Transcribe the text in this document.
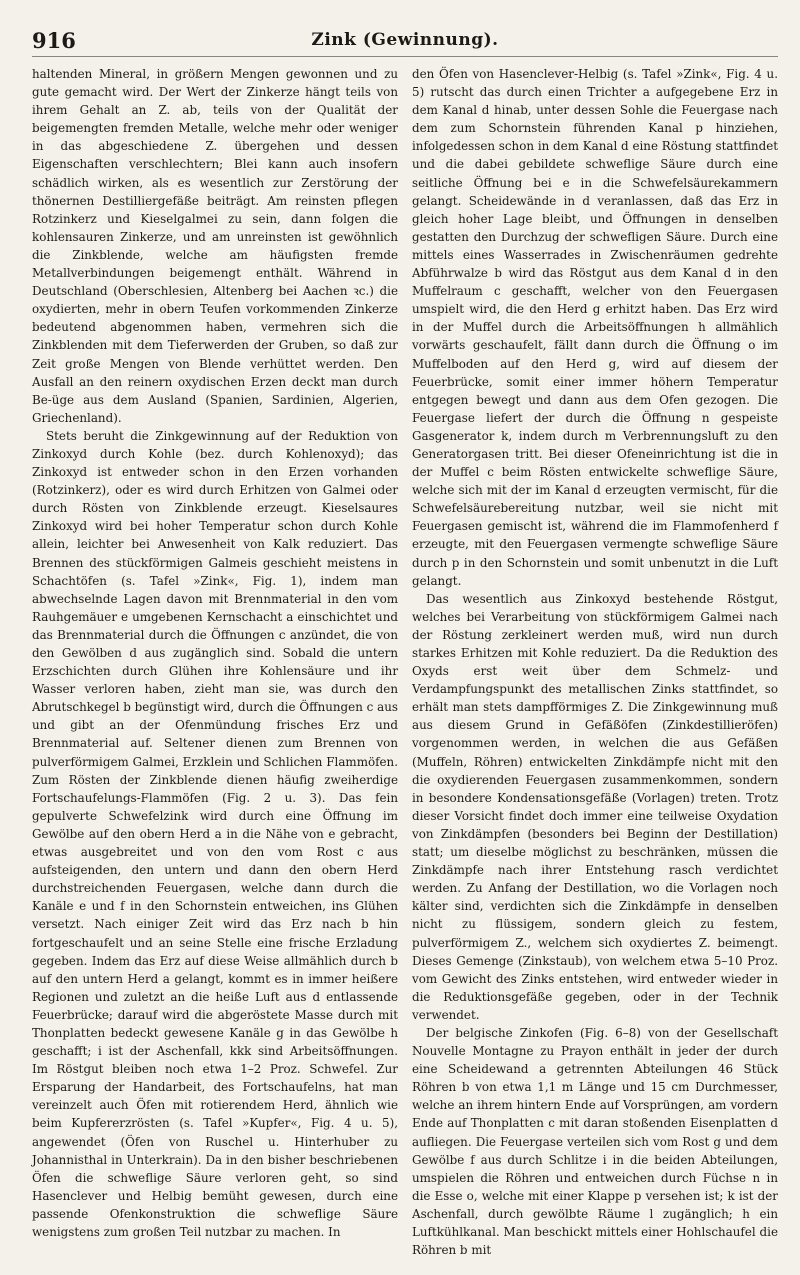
916	Zink (Gewinnung).

haltenden Mineral, in größern Mengen gewonnen und zu gute gemacht wird. Der Wert der Zinkerze hängt teils von ihrem Gehalt an Z. ab, teils von der Qualität der beigemengten fremden Metalle, welche mehr oder weniger in das abgeschiedene Z. übergehen und dessen Eigenschaften verschlechtern; Blei kann auch insofern schädlich wirken, als es wesentlich zur Zerstörung der thönernen Destilliergefäße beiträgt. Am reinsten pflegen Rotzinkerz und Kieselgalmei zu sein, dann folgen die kohlensauren Zinkerze, und am unreinsten ist gewöhnlich die Zinkblende, welche am häufigsten fremde Metallverbindungen beigemengt enthält. Während in Deutschland (Oberschlesien, Altenberg bei Aachen ꝛc.) die oxydierten, mehr in obern Teufen vorkommenden Zinkerze bedeutend abgenommen haben, vermehren sich die Zinkblenden mit dem Tieferwerden der Gruben, so daß zur Zeit große Mengen von Blende verhüttet werden. Den Ausfall an den reinern oxydischen Erzen deckt man durch Be-üge aus dem Ausland (Spanien, Sardinien, Algerien, Griechenland).

Stets beruht die Zinkgewinnung auf der Reduktion von Zinkoxyd durch Kohle (bez. durch Kohlenoxyd); das Zinkoxyd ist entweder schon in den Erzen vorhanden (Rotzinkerz), oder es wird durch Erhitzen von Galmei oder durch Rösten von Zinkblende erzeugt. Kieselsaures Zinkoxyd wird bei hoher Temperatur schon durch Kohle allein, leichter bei Anwesenheit von Kalk reduziert. Das Brennen des stückförmigen Galmeis geschieht meistens in Schachtöfen (s. Tafel »Zink«, Fig. 1), indem man abwechselnde Lagen davon mit Brennmaterial in den vom Rauhgemäuer e umgebenen Kernschacht a einschichtet und das Brennmaterial durch die Öffnungen c anzündet, die von den Gewölben d aus zugänglich sind. Sobald die untern Erzschichten durch Glühen ihre Kohlensäure und ihr Wasser verloren haben, zieht man sie, was durch den Abrutschkegel b begünstigt wird, durch die Öffnungen c aus und gibt an der Ofenmündung frisches Erz und Brennmaterial auf. Seltener dienen zum Brennen von pulverförmigem Galmei, Erzklein und Schlichen Flammöfen. Zum Rösten der Zinkblende dienen häufig zweiherdige Fortschaufelungs-Flammöfen (Fig. 2 u. 3). Das fein gepulverte Schwefelzink wird durch eine Öffnung im Gewölbe auf den obern Herd a in die Nähe von e gebracht, etwas ausgebreitet und von den vom Rost c aus aufsteigenden, den untern und dann den obern Herd durchstreichenden Feuergasen, welche dann durch die Kanäle e und f in den Schornstein entweichen, ins Glühen versetzt. Nach einiger Zeit wird das Erz nach b hin fortgeschaufelt und an seine Stelle eine frische Erzladung gegeben. Indem das Erz auf diese Weise allmählich durch b auf den untern Herd a gelangt, kommt es in immer heißere Regionen und zuletzt an die heiße Luft aus d entlassende Feuerbrücke; darauf wird die abgeröstete Masse durch mit Thonplatten bedeckt gewesene Kanäle g in das Gewölbe h geschafft; i ist der Aschenfall, kkk sind Arbeitsöffnungen. Im Röstgut bleiben noch etwa 1–2 Proz. Schwefel. Zur Ersparung der Handarbeit, des Fortschaufelns, hat man vereinzelt auch Öfen mit rotierendem Herd, ähnlich wie beim Kupfererzrösten (s. Tafel »Kupfer«, Fig. 4 u. 5), angewendet (Öfen von Ruschel u. Hinterhuber zu Johannisthal in Unterkrain). Da in den bisher beschriebenen Öfen die schweflige Säure verloren geht, so sind Hasenclever und Helbig bemüht gewesen, durch eine passende Ofenkonstruktion die schweflige Säure wenigstens zum großen Teil nutzbar zu machen. In

den Öfen von Hasenclever-Helbig (s. Tafel »Zink«, Fig. 4 u. 5) rutscht das durch einen Trichter a aufgegebene Erz in dem Kanal d hinab, unter dessen Sohle die Feuergase nach dem zum Schornstein führenden Kanal p hinziehen, infolgedessen schon in dem Kanal d eine Röstung stattfindet und die dabei gebildete schweflige Säure durch eine seitliche Öffnung bei e in die Schwefelsäurekammern gelangt. Scheidewände in d veranlassen, daß das Erz in gleich hoher Lage bleibt, und Öffnungen in denselben gestatten den Durchzug der schwefligen Säure. Durch eine mittels eines Wasserrades in Zwischenräumen gedrehte Abführwalze b wird das Röstgut aus dem Kanal d in den Muffelraum c geschafft, welcher von den Feuergasen umspielt wird, die den Herd g erhitzt haben. Das Erz wird in der Muffel durch die Arbeitsöffnungen h allmählich vorwärts geschaufelt, fällt dann durch die Öffnung o im Muffelboden auf den Herd g, wird auf diesem der Feuerbrücke, somit einer immer höhern Temperatur entgegen bewegt und dann aus dem Ofen gezogen. Die Feuergase liefert der durch die Öffnung n gespeiste Gasgenerator k, indem durch m Verbrennungsluft zu den Generatorgasen tritt. Bei dieser Ofeneinrichtung ist die in der Muffel c beim Rösten entwickelte schweflige Säure, welche sich mit der im Kanal d erzeugten vermischt, für die Schwefelsäurebereitung nutzbar, weil sie nicht mit Feuergasen gemischt ist, während die im Flammofenherd f erzeugte, mit den Feuergasen vermengte schweflige Säure durch p in den Schornstein und somit unbenutzt in die Luft gelangt.

Das wesentlich aus Zinkoxyd bestehende Röstgut, welches bei Verarbeitung von stückförmigem Galmei nach der Röstung zerkleinert werden muß, wird nun durch starkes Erhitzen mit Kohle reduziert. Da die Reduktion des Oxyds erst weit über dem Schmelz- und Verdampfungspunkt des metallischen Zinks stattfindet, so erhält man stets dampfförmiges Z. Die Zinkgewinnung muß aus diesem Grund in Gefäßöfen (Zinkdestillieröfen) vorgenommen werden, in welchen die aus Gefäßen (Muffeln, Röhren) entwickelten Zinkdämpfe nicht mit den die oxydierenden Feuergasen zusammenkommen, sondern in besondere Kondensationsgefäße (Vorlagen) treten. Trotz dieser Vorsicht findet doch immer eine teilweise Oxydation von Zinkdämpfen (besonders bei Beginn der Destillation) statt; um dieselbe möglichst zu beschränken, müssen die Zinkdämpfe nach ihrer Entstehung rasch verdichtet werden. Zu Anfang der Destillation, wo die Vorlagen noch kälter sind, verdichten sich die Zinkdämpfe in denselben nicht zu flüssigem, sondern gleich zu festem, pulverförmigem Z., welchem sich oxydiertes Z. beimengt. Dieses Gemenge (Zinkstaub), von welchem etwa 5–10 Proz. vom Gewicht des Zinks entstehen, wird entweder wieder in die Reduktionsgefäße gegeben, oder in der Technik verwendet.

Der belgische Zinkofen (Fig. 6–8) von der Gesellschaft Nouvelle Montagne zu Prayon enthält in jeder der durch eine Scheidewand a getrennten Abteilungen 46 Stück Röhren b von etwa 1,1 m Länge und 15 cm Durchmesser, welche an ihrem hintern Ende auf Vorsprüngen, am vordern Ende auf Thonplatten c mit daran stoßenden Eisenplatten d aufliegen. Die Feuergase verteilen sich vom Rost g und dem Gewölbe f aus durch Schlitze i in die beiden Abteilungen, umspielen die Röhren und entweichen durch Füchse n in die Esse o, welche mit einer Klappe p versehen ist; k ist der Aschenfall, durch gewölbte Räume l zugänglich; h ein Luftkühlkanal. Man beschickt mittels einer Hohlschaufel die Röhren b mit
